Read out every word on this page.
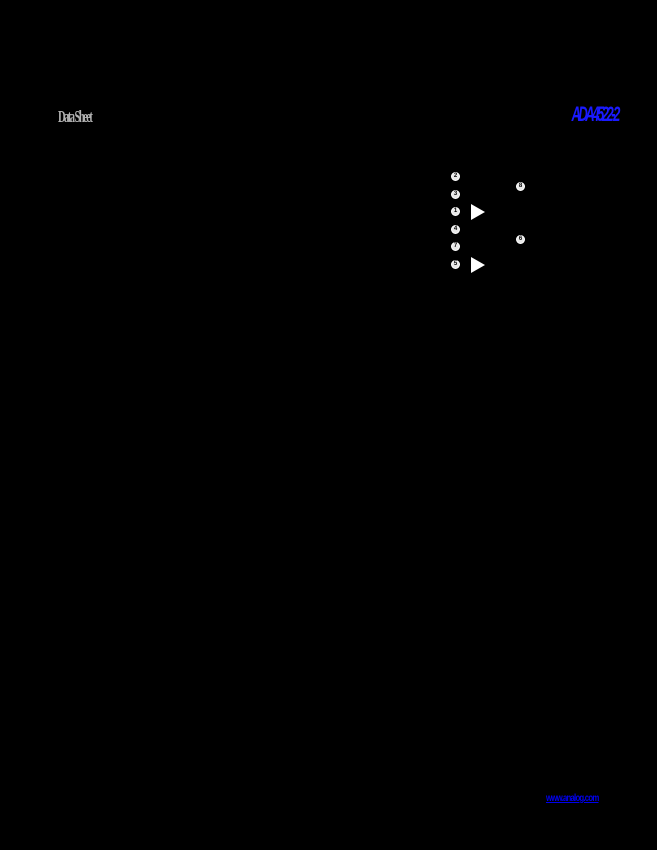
Data Sheet	ADA4522-2
2
3
1
4
7
5
8
6
www.analog.com
